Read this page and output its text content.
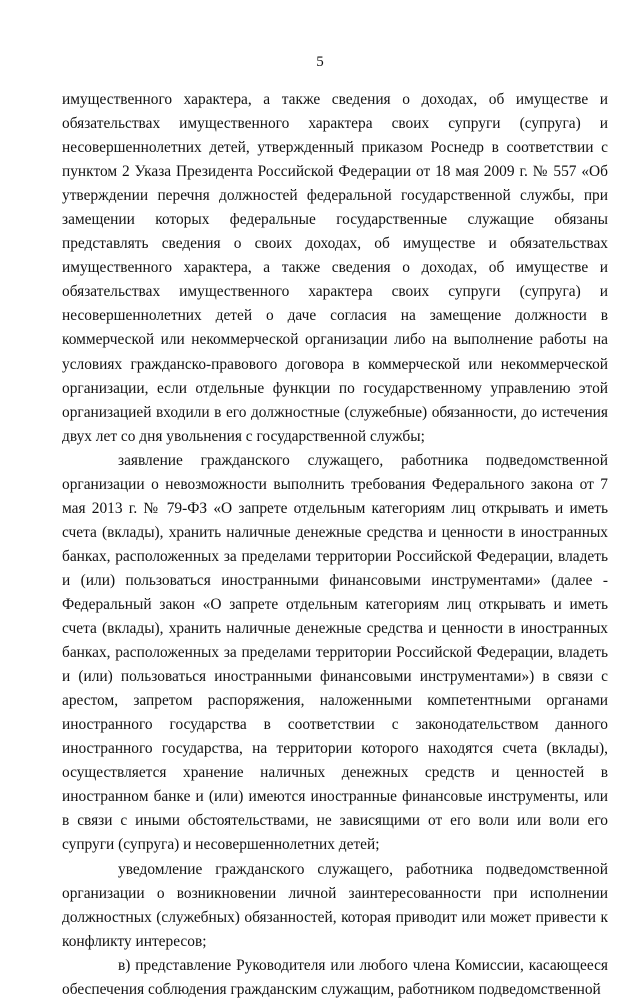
5

имущественного характера, а также сведения о доходах, об имуществе и обязательствах имущественного характера своих супруги (супруга) и несовершеннолетних детей, утвержденный приказом Роснедр в соответствии с пунктом 2 Указа Президента Российской Федерации от 18 мая 2009 г. № 557 «Об утверждении перечня должностей федеральной государственной службы, при замещении которых федеральные государственные служащие обязаны представлять сведения о своих доходах, об имуществе и обязательствах имущественного характера, а также сведения о доходах, об имуществе и обязательствах имущественного характера своих супруги (супруга) и несовершеннолетних детей о даче согласия на замещение должности в коммерческой или некоммерческой организации либо на выполнение работы на условиях гражданско-правового договора в коммерческой или некоммерческой организации, если отдельные функции по государственному управлению этой организацией входили в его должностные (служебные) обязанности, до истечения двух лет со дня увольнения с государственной службы;

заявление гражданского служащего, работника подведомственной организации о невозможности выполнить требования Федерального закона от 7 мая 2013 г. № 79-ФЗ «О запрете отдельным категориям лиц открывать и иметь счета (вклады), хранить наличные денежные средства и ценности в иностранных банках, расположенных за пределами территории Российской Федерации, владеть и (или) пользоваться иностранными финансовыми инструментами» (далее - Федеральный закон «О запрете отдельным категориям лиц открывать и иметь счета (вклады), хранить наличные денежные средства и ценности в иностранных банках, расположенных за пределами территории Российской Федерации, владеть и (или) пользоваться иностранными финансовыми инструментами») в связи с арестом, запретом распоряжения, наложенными компетентными органами иностранного государства в соответствии с законодательством данного иностранного государства, на территории которого находятся счета (вклады), осуществляется хранение наличных денежных средств и ценностей в иностранном банке и (или) имеются иностранные финансовые инструменты, или в связи с иными обстоятельствами, не зависящими от его воли или воли его супруги (супруга) и несовершеннолетних детей;

уведомление гражданского служащего, работника подведомственной организации о возникновении личной заинтересованности при исполнении должностных (служебных) обязанностей, которая приводит или может привести к конфликту интересов;

в) представление Руководителя или любого члена Комиссии, касающееся обеспечения соблюдения гражданским служащим, работником подведомственной
